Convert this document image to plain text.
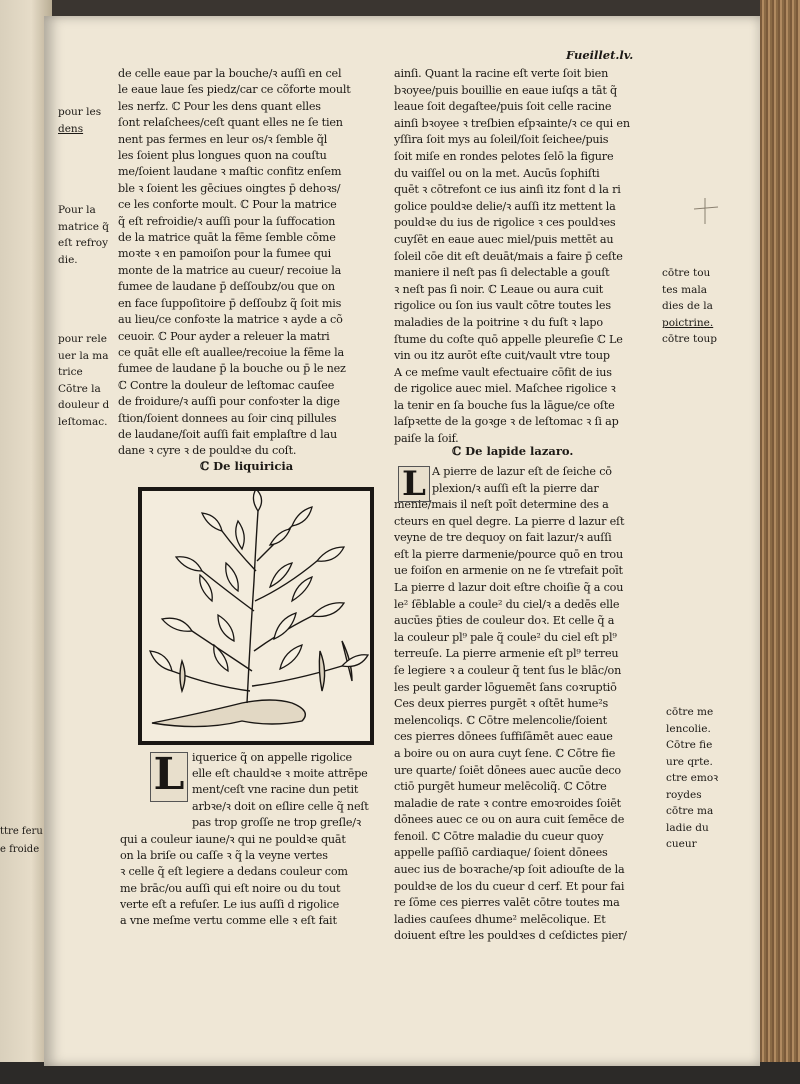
ttre feru
e froide
Fueillet.lv.
pour les
dens
Pour la
matrice q̃
eſt refroy
die.
pour rele
uer la ma
trice
Cõtre la
douleur d
leſtomac.
de celle eaue par la bouche/ꝛ auſſi en cel
le eaue laue ſes piedz/car ce cõforte moult
les nerfz. ℂ Pour les dens quant elles
ſont relaſchees/ceſt quant elles ne ſe tien
nent pas fermes en leur os/ꝛ ſemble q̃l
les ſoient plus longues quon na couſtu
me/ſoient laudane ꝛ maſtic confitz enſem
ble ꝛ ſoient les gēciues oingtes p̄ dehoꝛs/
ce les conforte moult. ℂ Pour la matrice
q̃ eſt refroidie/ꝛ auſſi pour la ſuffocation
de la matrice quāt la fēme ſemble cōme
moꝛte ꝛ en pamoiſon pour la fumee qui
monte de la matrice au cueur/ recoiue la
fumee de laudane p̄ deſſoubz/ou que on
en face ſuppoſitoire p̄ deſſoubz q̃ ſoit mis
au lieu/ce confoꝛte la matrice ꝛ ayde a cõ
ceuoir. ℂ Pour ayder a releuer la matri
ce quāt elle eſt auallee/recoiue la fēme la
fumee de laudane p̄ la bouche ou p̄ le nez
ℂ Contre la douleur de leſtomac cauſee
de froidure/ꝛ auſſi pour confoꝛter la dige
ſtion/ſoient donnees au ſoir cinq pillules
de laudane/ſoit auſſi fait emplaſtre d lau
dane ꝛ cyre ꝛ de pouldꝛe du coſt.
ℂ De liquiricia
L iquerice q̃ on appelle rigolice
elle eſt chauldꝛe ꝛ moite attrēpe
ment/ceſt vne racine dun petit
arbꝛe/ꝛ doit on eſlire celle q̃ neſt
pas trop groſſe ne trop greſle/ꝛ
qui a couleur iaune/ꝛ qui ne pouldꝛe quāt
on la briſe ou caſſe ꝛ q̃ la veyne vertes
ꝛ celle q̃ eſt legiere a dedans couleur com
me brāc/ou auſſi qui eſt noire ou du tout
verte eſt a refuſer. Le ius auſſi d rigolice
a vne meſme vertu comme elle ꝛ eſt fait
ainſi. Quant la racine eſt verte ſoit bien
bꝛoyee/puis bouillie en eaue iuſqs a tāt q̃
leaue ſoit degaſtee/puis ſoit celle racine
ainſi bꝛoyee ꝛ treſbien eſpꝛainte/ꝛ ce qui en
yſſira ſoit mys au ſoleil/ſoit ſeichee/puis
ſoit miſe en rondes pelotes ſelō la figure
du vaiſſel ou on la met. Aucūs ſophiſti
quēt ꝛ cōtrefont ce ius ainſi itz font d la ri
golice pouldꝛe delie/ꝛ auſſi itz mettent la
pouldꝛe du ius de rigolice ꝛ ces pouldꝛes
cuyſēt en eaue auec miel/puis mettēt au
ſoleil cōe dit eſt deuāt/mais a faire p̄ ceſte
maniere il neſt pas ſi delectable a gouſt
ꝛ neſt pas ſi noir. ℂ Leaue ou aura cuit
rigolice ou ſon ius vault cōtre toutes les
maladies de la poitrine ꝛ du fuſt ꝛ lapo
ſtume du coſte quō appelle pleureſie ℂ Le
vin ou itz aurōt eſte cuit/vault vtre toup
A ce meſme vault efectuaire cōfit de ius
de rigolice auec miel. Maſchee rigolice ꝛ
la tenir en ſa bouche ſus la lāgue/ce oſte
laſpꝛette de la goꝛge ꝛ de leſtomac ꝛ ſi ap
paiſe la ſoif.
ℂ De lapide lazaro.
L A pierre de lazur eſt de ſeiche cō
plexion/ꝛ auſſi eſt la pierre dar
menie/mais il neſt poīt determine des a
cteurs en quel degre. La pierre d lazur eſt
veyne de tre dequoy on fait lazur/ꝛ auſſi
eſt la pierre darmenie/pource quō en trou
ue foiſon en armenie on ne ſe vtrefait poīt
La pierre d lazur doit eſtre choiſie q̃ a cou
le² ſēblable a coule² du ciel/ꝛ a dedēs elle
aucūes p̄ties de couleur doꝛ. Et celle q̃ a
la couleur pl⁹ pale q̃ coule² du ciel eſt pl⁹
terreuſe. La pierre armenie eſt pl⁹ terreu
ſe legiere ꝛ a couleur q̃ tent ſus le blāc/on
les peult garder lōguemēt ſans coꝛruptiō
Ces deux pierres purgēt ꝛ oſtēt hume²s
melencoliqs. ℂ Cōtre melencolie/ſoient
ces pierres dōnees ſuffiſāmēt auec eaue
a boire ou on aura cuyt ſene. ℂ Cōtre fie
ure quarte/ ſoiēt dōnees auec aucūe deco
ctiō purgēt humeur melēcoliq̃. ℂ Cōtre
maladie de rate ꝛ contre emoꝛroides ſoiēt
dōnees auec ce ou on aura cuit ſemēce de
fenoil. ℂ Cōtre maladie du cueur quoy
appelle paſſiō cardiaque/ ſoient dōnees
auec ius de boꝛrache/ꝛp ſoit adiouſte de la
pouldꝛe de los du cueur d cerf. Et pour fai
re ſōme ces pierres valēt cōtre toutes ma
ladies cauſees dhume² melēcolique. Et
doiuent eſtre les pouldꝛes d ceſdictes pier/
cōtre tou
tes mala
dies de la
poictrine.
cōtre toup
cōtre me
lencolie.
Cōtre fie
ure qrte.
ctre emoꝛ
roydes
cōtre ma
ladie du
cueur
